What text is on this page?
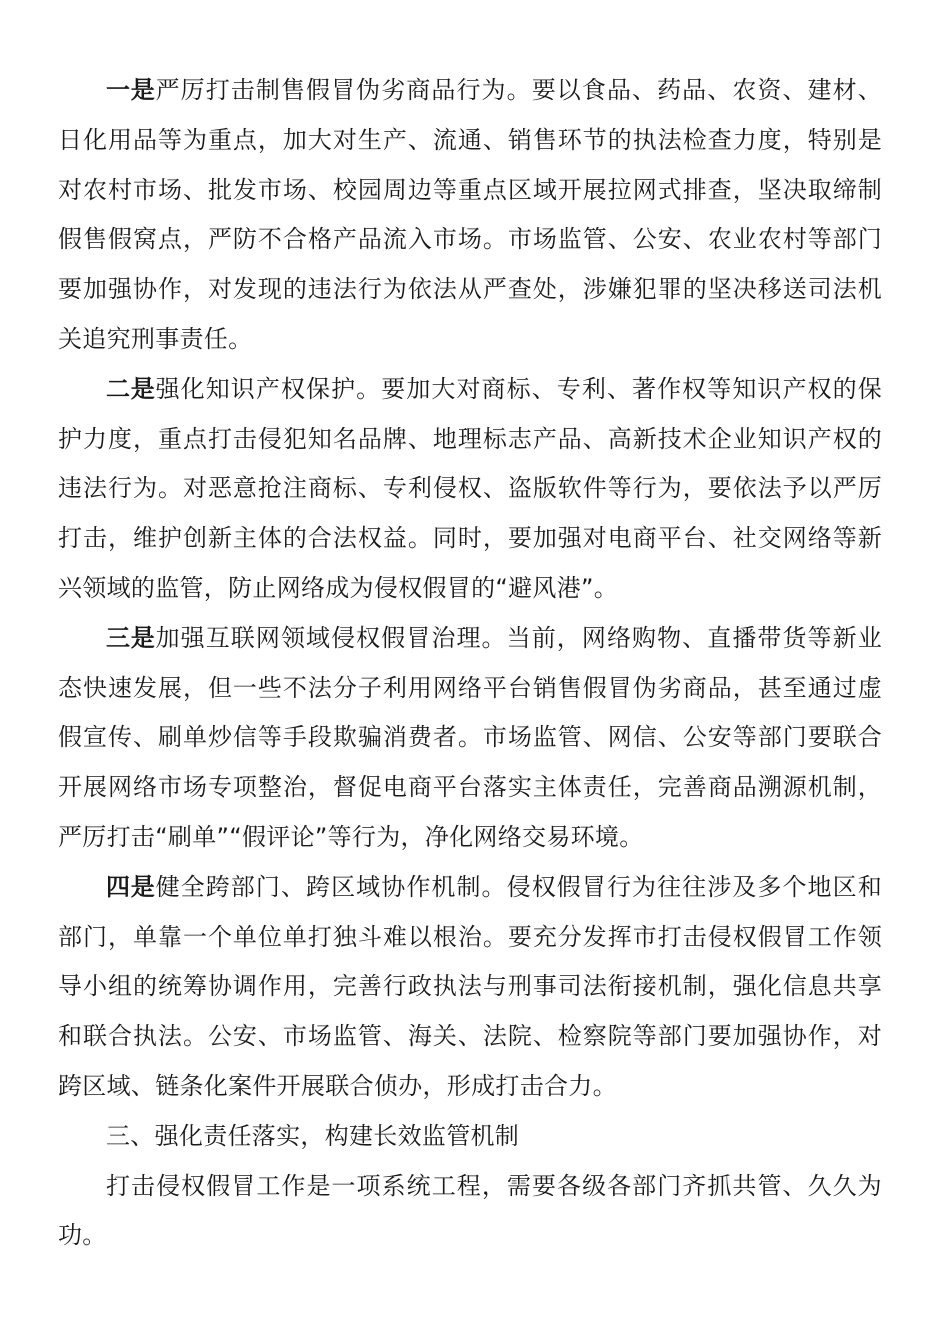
一是严厉打击制售假冒伪劣商品行为。要以食品、药品、农资、建材、日化用品等为重点，加大对生产、流通、销售环节的执法检查力度，特别是对农村市场、批发市场、校园周边等重点区域开展拉网式排查，坚决取缔制假售假窝点，严防不合格产品流入市场。市场监管、公安、农业农村等部门要加强协作，对发现的违法行为依法从严查处，涉嫌犯罪的坚决移送司法机关追究刑事责任。

二是强化知识产权保护。要加大对商标、专利、著作权等知识产权的保护力度，重点打击侵犯知名品牌、地理标志产品、高新技术企业知识产权的违法行为。对恶意抢注商标、专利侵权、盗版软件等行为，要依法予以严厉打击，维护创新主体的合法权益。同时，要加强对电商平台、社交网络等新兴领域的监管，防止网络成为侵权假冒的“避风港”。

三是加强互联网领域侵权假冒治理。当前，网络购物、直播带货等新业态快速发展，但一些不法分子利用网络平台销售假冒伪劣商品，甚至通过虚假宣传、刷单炒信等手段欺骗消费者。市场监管、网信、公安等部门要联合开展网络市场专项整治，督促电商平台落实主体责任，完善商品溯源机制，严厉打击“刷单”“假评论”等行为，净化网络交易环境。

四是健全跨部门、跨区域协作机制。侵权假冒行为往往涉及多个地区和部门，单靠一个单位单打独斗难以根治。要充分发挥市打击侵权假冒工作领导小组的统筹协调作用，完善行政执法与刑事司法衔接机制，强化信息共享和联合执法。公安、市场监管、海关、法院、检察院等部门要加强协作，对跨区域、链条化案件开展联合侦办，形成打击合力。

三、强化责任落实，构建长效监管机制

打击侵权假冒工作是一项系统工程，需要各级各部门齐抓共管、久久为功。
